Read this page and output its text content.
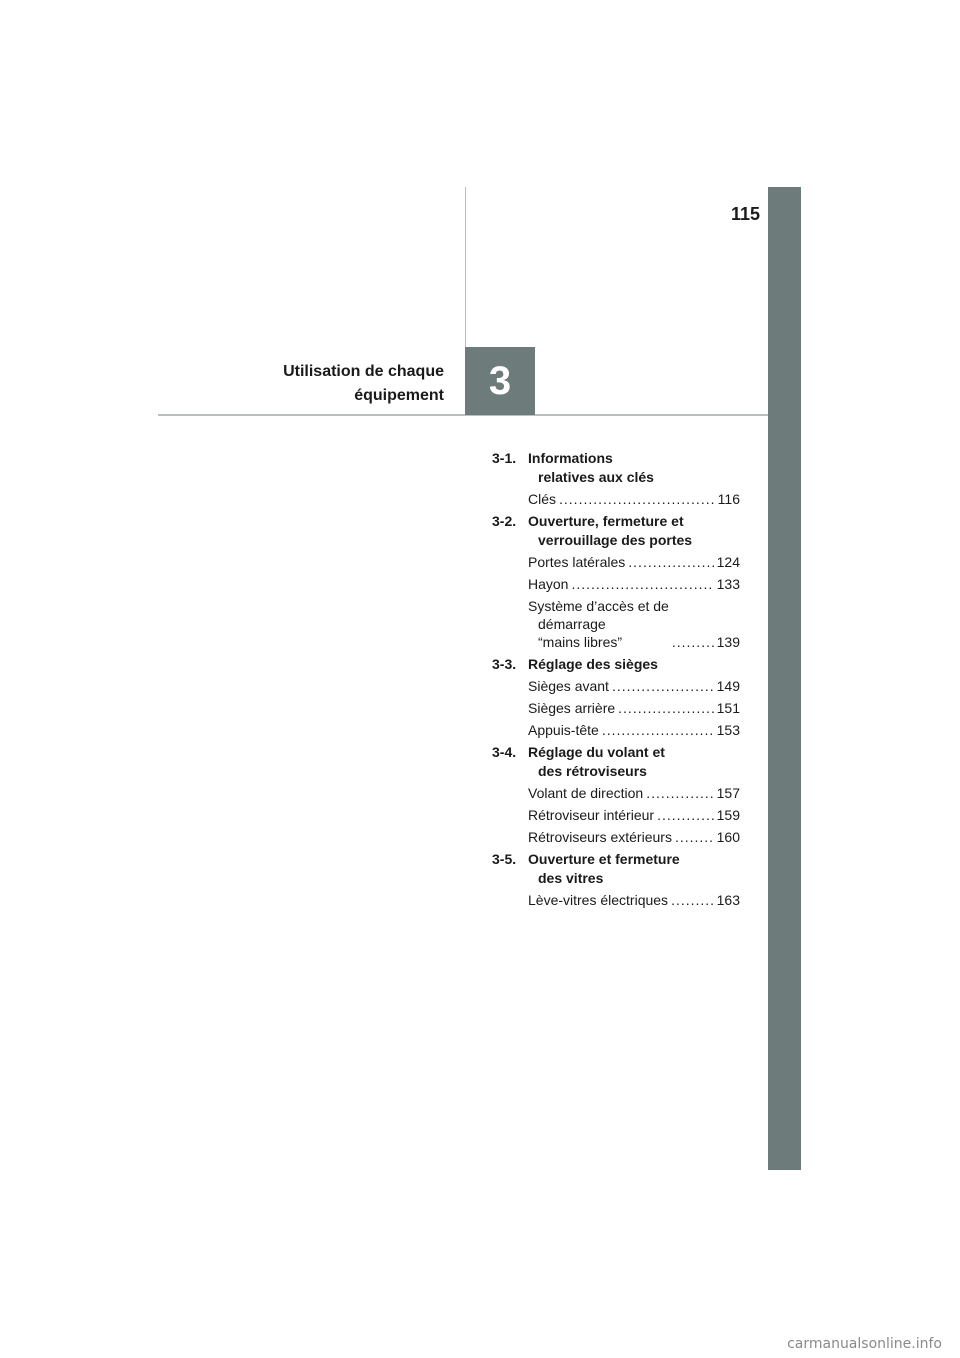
115
Utilisation de chaque
équipement	3
3-1. Informations
relatives aux clés
Clés .....	116
3-2. Ouverture, fermeture et
verrouillage des portes
Portes latérales .....	124
Hayon .....	133
Système d’accès et de
démarrage
“mains libres” .....	139
3-3. Réglage des sièges
Sièges avant .....	149
Sièges arrière .....	151
Appuis-tête .....	153
3-4. Réglage du volant et
des rétroviseurs
Volant de direction .....	157
Rétroviseur intérieur .....	159
Rétroviseurs extérieurs .....	160
3-5. Ouverture et fermeture
des vitres
Lève-vitres électriques .....	163
carmanualsonline.info
